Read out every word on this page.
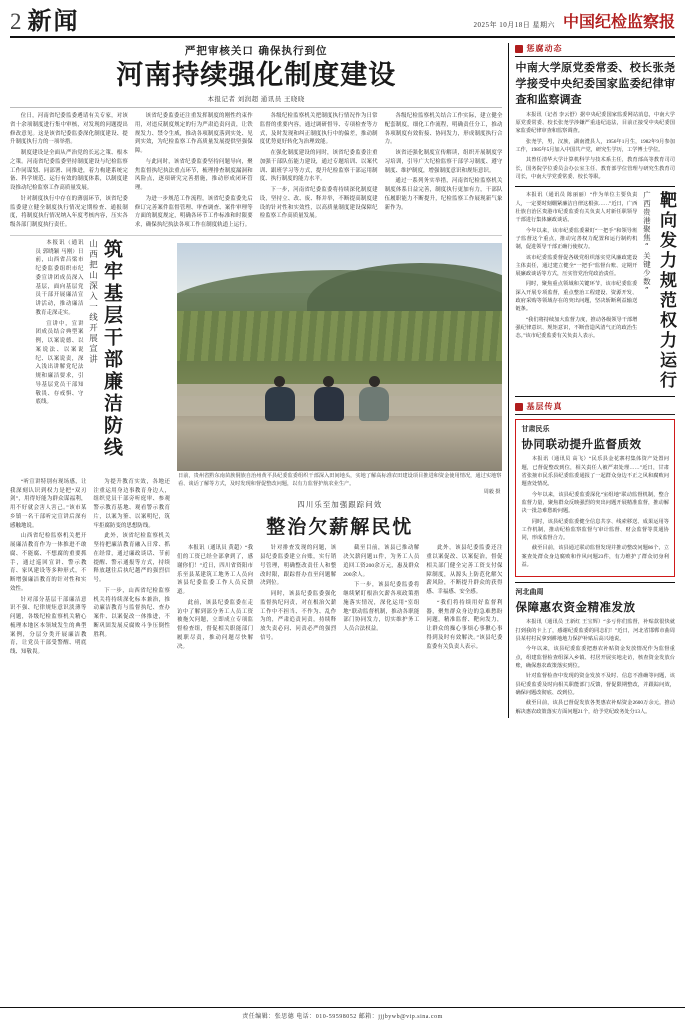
2 新闻	2025年 10月18日 星期六 中国纪检监察报
严把审核关口 确保执行到位
河南持续强化制度建设
本报记者 刘润超 通讯员 王晓晓

位日，河南省纪委监委遴请有关专家，对该省十余项制度进行集中审核，对发现的问题提出修改意见。这是该省纪委监委深化制度建设、提升制度执行力的一项举措。

制度建设是全面从严治党的长远之策、根本之策。河南省纪委监委坚持制度建设与纪检监察工作同谋划、同部署、同推进，着力构建系统完备、科学规范、运行有效的制度体系，以制度建设推动纪检监察工作高质量发展。

针对制度执行中存在的薄弱环节，该省纪委监委建立健全制度执行情况定期检查、通报制度，将制度执行情况纳入年度考核内容，压实各级各部门制度执行责任。

该省纪委监委还注重发挥制度的刚性约束作用，对违反制度规定的行为严肃追责问责，让铁规发力、禁令生威，推动各项制度落到实处、见到实效，为纪检监察工作高质量发展提供坚强保障。

与此同时，该省纪委监委坚持问题导向，聚焦监督执纪执法重点环节，梳理排查制度漏洞和风险点，逐项研究完善措施，推动形成闭环管理。

为进一步规范工作流程，该省纪委监委先后修订完善案件监督管理、审查调查、案件审理等方面的制度规定，明确各环节工作标准和时限要求，确保执纪执法各项工作在制度轨道上运行。

各级纪检监察机关把制度执行情况作为日常监督的重要内容，通过调研督导、专项检查等方式，及时发现和纠正制度执行中的偏差，推动制度优势更好转化为治理效能。

在强化制度建设的同时，该省纪委监委注重加强干部队伍能力建设，通过专题培训、以案代训、跟班学习等方式，提升纪检监察干部运用制度、执行制度的能力水平。

下一步，河南省纪委监委将持续深化制度建设，坚持立、改、废、释并举，不断提高制度建设的针对性和实效性，以高质量制度建设保障纪检监察工作高质量发展。

各级纪检监察机关结合工作实际，建立健全配套制度，细化工作流程，明确责任分工，推动各项制度有效衔接、协同发力，形成制度执行合力。

该省还强化制度宣传解读，组织开展制度学习培训，引导广大纪检监察干部学习制度、遵守制度、维护制度，增强制度意识和规矩意识。

通过一系列务实举措，河南省纪检监察机关制度体系日益完善，制度执行更加有力，干部队伍履职能力不断提升，纪检监察工作展现新气象新作为。

筑牢基层干部廉洁防线
山西把山深入一线开展宣讲

本报讯（通讯员 郭晓颖 马刚）日前，山西省吕梁市纪委监委组织市纪委宣讲团成员深入基层，面向基层党员干部开展廉洁宣讲活动，推动廉洁教育走深走实。

宣讲中，宣讲团成员结合典型案例，以案说德、以案说法、以案说纪、以案说责，深入浅出讲解党纪法规和廉洁要求，引导基层党员干部知敬畏、存戒惧、守底线。

“听宣讲特别有现场感，让我深刻认识到权力是把“双刃剑”，用得好能为群众谋福利，用不好就会害人害己。”该市某乡镇一名干部听完宣讲后深有感触地说。

山西省纪检监察机关把开展廉洁教育作为一体推进不敢腐、不能腐、不想腐的重要抓手，通过巡回宣讲、警示教育、家风建设等多种形式，不断增强廉洁教育的针对性和实效性。

针对部分基层干部廉洁意识不强、纪律规矩意识淡薄等问题，各级纪检监察机关精心梳理本地区本领域发生的典型案例，分层分类开展廉洁教育，让党员干部受警醒、明底线、知敬畏。

为提升教育实效，各地还注重运用身边事教育身边人，组织党员干部旁听庭审、参观警示教育基地、观看警示教育片，以案为鉴、以案明纪，筑牢拒腐防变的思想防线。

此外，该省纪检监察机关坚持把廉洁教育融入日常、抓在经常，通过廉政谈话、节前提醒、警示通报等方式，持续释放越往后执纪越严的强烈信号。

下一步，山西省纪检监察机关将持续深化标本兼治，推动廉洁教育与监督执纪、查办案件、以案促改一体推进，不断巩固发展反腐败斗争压倒性胜利。

日前，贵州省黔东南苗族侗族自治州黄平县纪委监委组织干部深入田间地头，实地了解高标准农田建设项目推进和资金使用情况，通过实地察看、谈话了解等方式，及时发现和督促整改问题，以有力监督护航农业生产。
周毅 摄
四川乐至加强跟踪问效
整治欠薪解民忧

本报讯（通讯员 黄超）“我们的工资已经全部拿到了，感谢你们！”近日，四川省资阳市乐至县某建筑工地务工人员向该县纪委监委工作人员反馈道。

此前，该县纪委监委在走访中了解到部分务工人员工资被拖欠问题，立即成立专项监督检查组，督促相关职能部门履职尽责，推动问题尽快解决。

针对排查发现的问题，该县纪委监委建立台账，实行销号管理，明确整改责任人和整改时限，跟踪督办直至问题解决到位。

同时，该县纪委监委强化监督执纪问责，对在根治欠薪工作中不担当、不作为、乱作为的，严肃追责问责，持续释放失责必问、问责必严的强烈信号。

截至目前，该县已推动解决欠薪问题11件，为务工人员追回工资200余万元，惠及群众200余人。

下一步，该县纪委监委将继续紧盯根治欠薪各项政策措施落实情况，深化运用“室组地”联动监督机制，推动各职能部门协同发力，切实维护务工人员合法权益。

此外，该县纪委监委还注重以案促改、以案促治，督促相关部门健全完善工资支付保障制度，从源头上防范化解欠薪风险，不断提升群众的获得感、幸福感、安全感。

“我们将持续用好监督利器，聚焦群众身边的急难愁盼问题，精准监督、靶向发力，让群众的操心事烦心事揪心事得到及时有效解决。”该县纪委监委有关负责人表示。

惩腐动态
中南大学原党委常委、校长张尧学接受中央纪委国家监委纪律审查和监察调查

本报讯（记者 李云舒）据中央纪委国家监委网站消息，中南大学原党委常委、校长张尧学涉嫌严重违纪违法，目前正接受中央纪委国家监委纪律审查和监察调查。

张尧学，男，汉族，湖南澧县人，1956年1月生，1982年9月参加工作，1985年5月加入中国共产党，研究生学历，工学博士学位。

其曾任清华大学计算机科学与技术系主任，教育部高等教育司司长，国务院学位委员会办公室主任、教育部学位管理与研究生教育司司长，中南大学党委常委、校长等职。

靶向发力规范权力运行
广西贵港聚焦“关键少数”

本报讯（通讯员 陈丽丽）“作为单位主要负责人，一定要时刻绷紧廉洁自律这根弦……”近日，广西壮族自治区贵港市纪委监委有关负责人对新任职领导干部进行集体廉政谈话。

今年以来，该市纪委监委紧盯“一把手”和领导班子监督这个重点，推动完善权力配置和运行制约机制，促进领导干部正确行使权力。

该市纪委监委督促各级党组织落实党风廉政建设主体责任，通过建立健全“一把手”监督台账、定期开展廉政谈话等方式，压实管党治党政治责任。

同时，聚焦重点领域和关键环节，该市纪委监委深入开展专项监督，重点整治工程建设、资源开发、政府采购等领域存在的突出问题，坚决斩断利益输送链条。

“我们将持续加大监督力度，推动各级领导干部增强纪律意识、规矩意识，不断营造风清气正的政治生态。”该市纪委监委有关负责人表示。

基层传真
甘肃民乐
协同联动提升监督质效

本报讯（通讯员 高飞）“民乐县金花寨村集体资产处置问题，已督促整改到位，相关责任人被严肃处理……”近日，甘肃省张掖市民乐县纪委监委通报了一起群众身边不正之风和腐败问题查处情况。

今年以来，该县纪委监委深化“室组地”联动监督机制，整合监督力量，聚焦群众反映强烈的突出问题开展精准监督，推动解决一批急难愁盼问题。

同时，该县纪委监委健全信息共享、线索移送、成果运用等工作机制，推动纪检监察监督与审计监督、财会监督等贯通协同，形成监督合力。

截至目前，该县通过联动监督发现并推动整改问题86个，立案查处群众身边腐败和作风问题23件，有力维护了群众切身利益。

河北曲周
保障惠农资金精准发放

本报讯（通讯员 王新红 王宝辉）“多亏你们监督，补贴款很快就打到我的卡上了，感谢纪委监委的同志们！”近日，河北省邯郸市曲周县某村村民拿到耕地地力保护补贴后高兴地说。

今年以来，该县纪委监委把惠农补贴资金发放情况作为监督重点，组建监督检查组深入乡镇、村居开展实地走访，核查资金发放台账，确保惠农政策落实到位。

针对监督检查中发现的资金发放不及时、信息不准确等问题，该县纪委监委及时向相关职能部门反馈，督促限期整改，并跟踪问效，确保问题改彻底、改到位。

截至目前，该县已督促发放各类惠农补贴资金2600万余元，推动解决惠农政策落实方面问题21个，给予党纪政务处分13人。

责任编辑：张思德 电话：010-59598052 邮箱：jjjbywb@vip.sina.com
